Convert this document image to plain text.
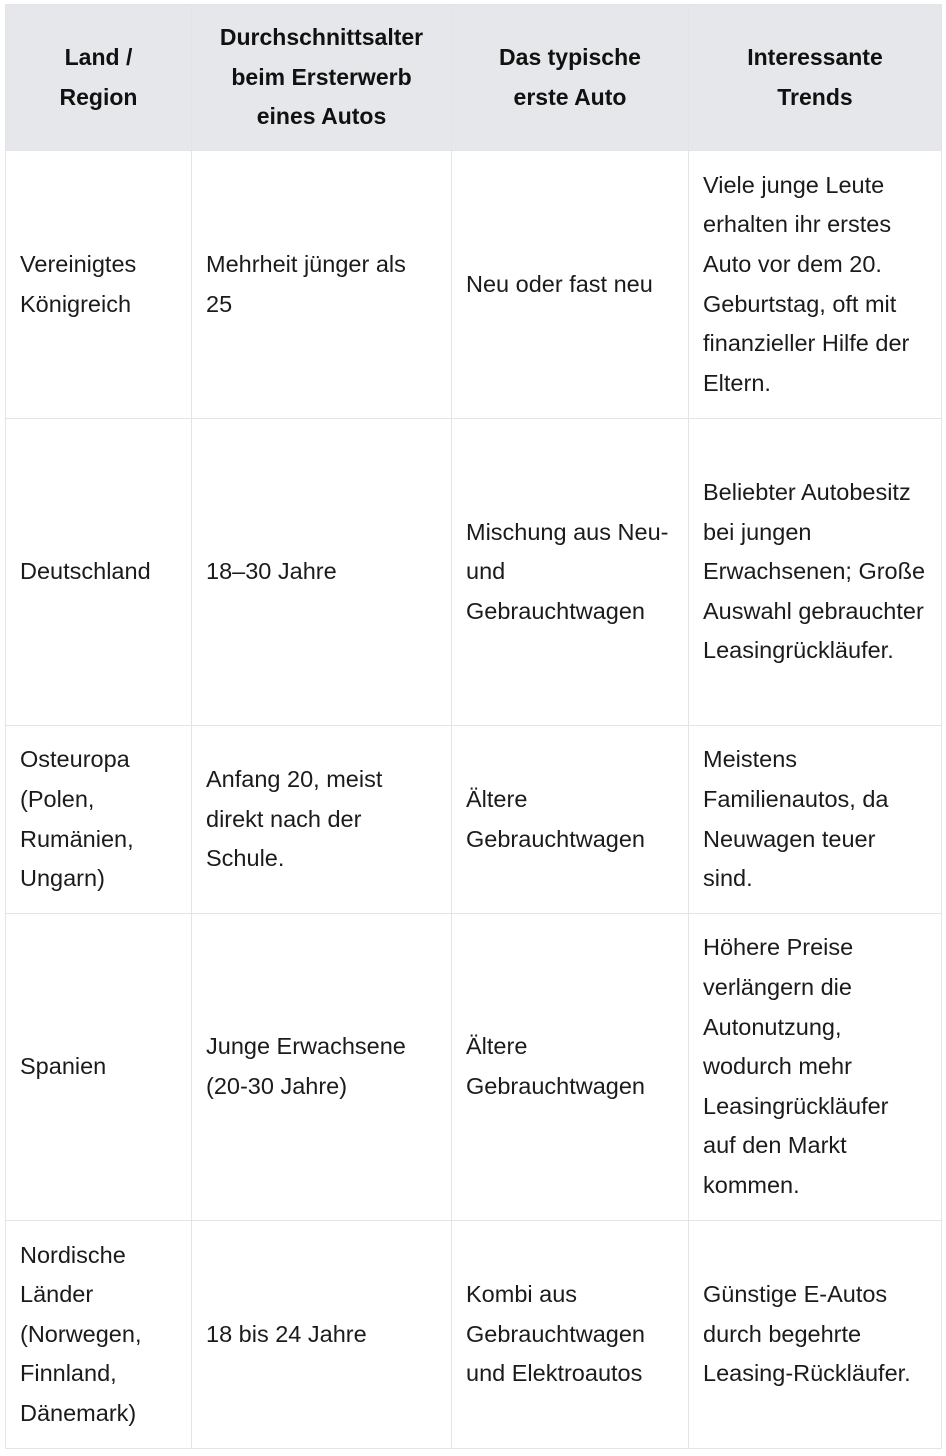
Land / Region	Durchschnittsalter beim Ersterwerb eines Autos	Das typische erste Auto	Interessante Trends
Vereinigtes Königreich	Mehrheit jünger als 25	Neu oder fast neu	Viele junge Leute erhalten ihr erstes Auto vor dem 20. Geburtstag, oft mit finanzieller Hilfe der Eltern.
Deutschland	18–30 Jahre	Mischung aus Neu- und Gebrauchtwagen	Beliebter Autobesitz bei jungen Erwachsenen; Große Auswahl gebrauchter Leasingrückläufer.
Osteuropa (Polen, Rumänien, Ungarn)	Anfang 20, meist direkt nach der Schule.	Ältere Gebrauchtwagen	Meistens Familienautos, da Neuwagen teuer sind.
Spanien	Junge Erwachsene (20-30 Jahre)	Ältere Gebrauchtwagen	Höhere Preise verlängern die Autonutzung, wodurch mehr Leasingrückläufer auf den Markt kommen.
Nordische Länder (Norwegen, Finnland, Dänemark)	18 bis 24 Jahre	Kombi aus Gebrauchtwagen und Elektroautos	Günstige E-Autos durch begehrte Leasing-Rückläufer.
